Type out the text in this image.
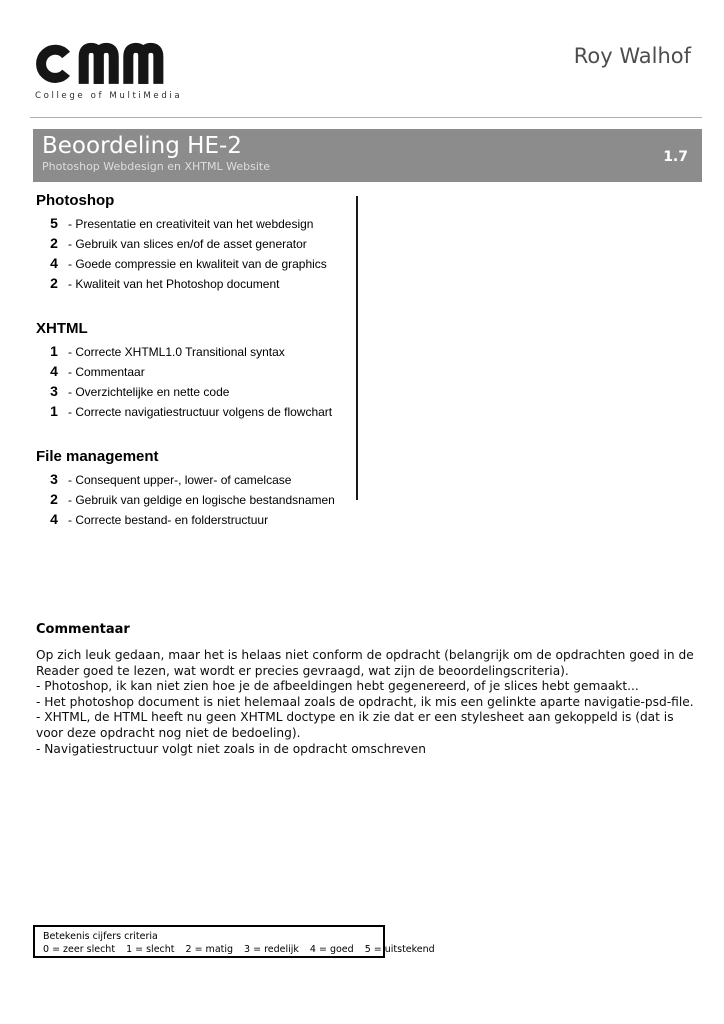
College of MultiMedia
Roy Walhof
Beoordeling HE-2
Photoshop Webdesign en XHTML Website
1.7
Photoshop
5 - Presentatie en creativiteit van het webdesign
2 - Gebruik van slices en/of de asset generator
4 - Goede compressie en kwaliteit van de graphics
2 - Kwaliteit van het Photoshop document
XHTML
1 - Correcte XHTML1.0 Transitional syntax
4 - Commentaar
3 - Overzichtelijke en nette code
1 - Correcte navigatiestructuur volgens de flowchart
File management
3 - Consequent upper-, lower- of camelcase
2 - Gebruik van geldige en logische bestandsnamen
4 - Correcte bestand- en folderstructuur
Commentaar
Op zich leuk gedaan, maar het is helaas niet conform de opdracht (belangrijk om de opdrachten goed in de Reader goed te lezen, wat wordt er precies gevraagd, wat zijn de beoordelingscriteria).
- Photoshop, ik kan niet zien hoe je de afbeeldingen hebt gegenereerd, of je slices hebt gemaakt...
- Het photoshop document is niet helemaal zoals de opdracht, ik mis een gelinkte aparte navigatie-psd-file.
- XHTML, de HTML heeft nu geen XHTML doctype en ik zie dat er een stylesheet aan gekoppeld is (dat is voor deze opdracht nog niet de bedoeling).
- Navigatiestructuur volgt niet zoals in de opdracht omschreven
Betekenis cijfers criteria
0 = zeer slecht 1 = slecht 2 = matig 3 = redelijk 4 = goed 5 = uitstekend
